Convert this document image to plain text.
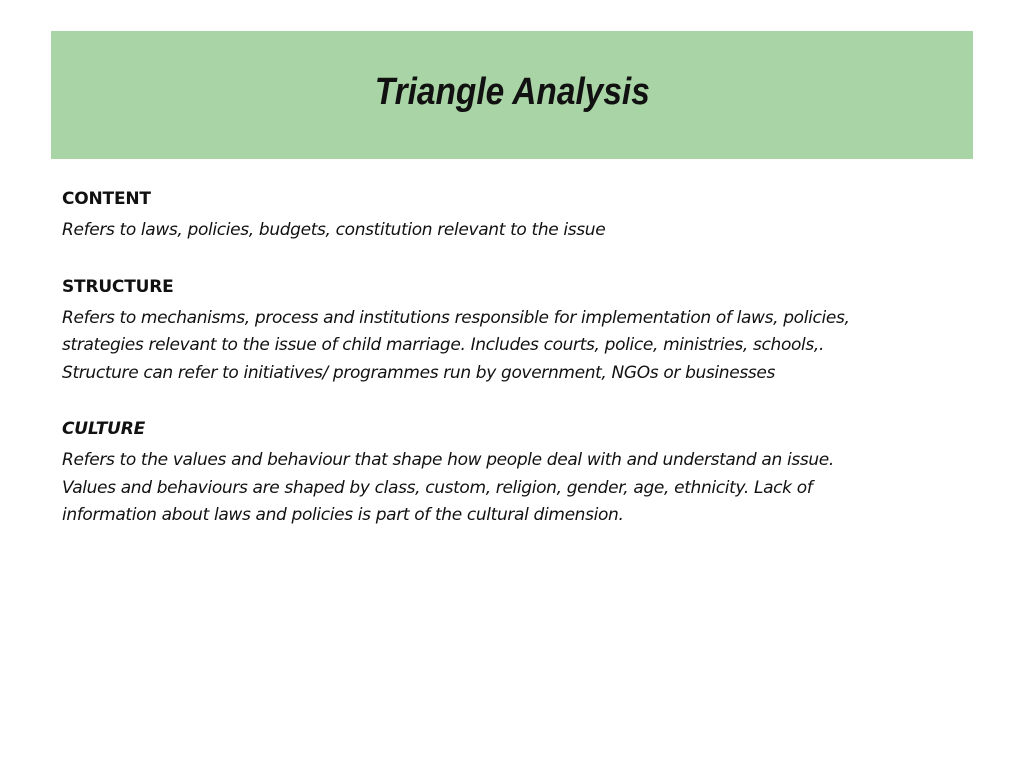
Triangle Analysis
CONTENT

Refers to laws, policies, budgets, constitution relevant to the issue

STRUCTURE

Refers to mechanisms, process and institutions responsible for implementation of laws, policies,
strategies relevant to the issue of child marriage. Includes courts, police, ministries, schools,.
Structure can refer to initiatives/ programmes run by government, NGOs or businesses

CULTURE

Refers to the values and behaviour that shape how people deal with and understand an issue.
Values and behaviours are shaped by class, custom, religion, gender, age, ethnicity. Lack of
information about laws and policies is part of the cultural dimension.
